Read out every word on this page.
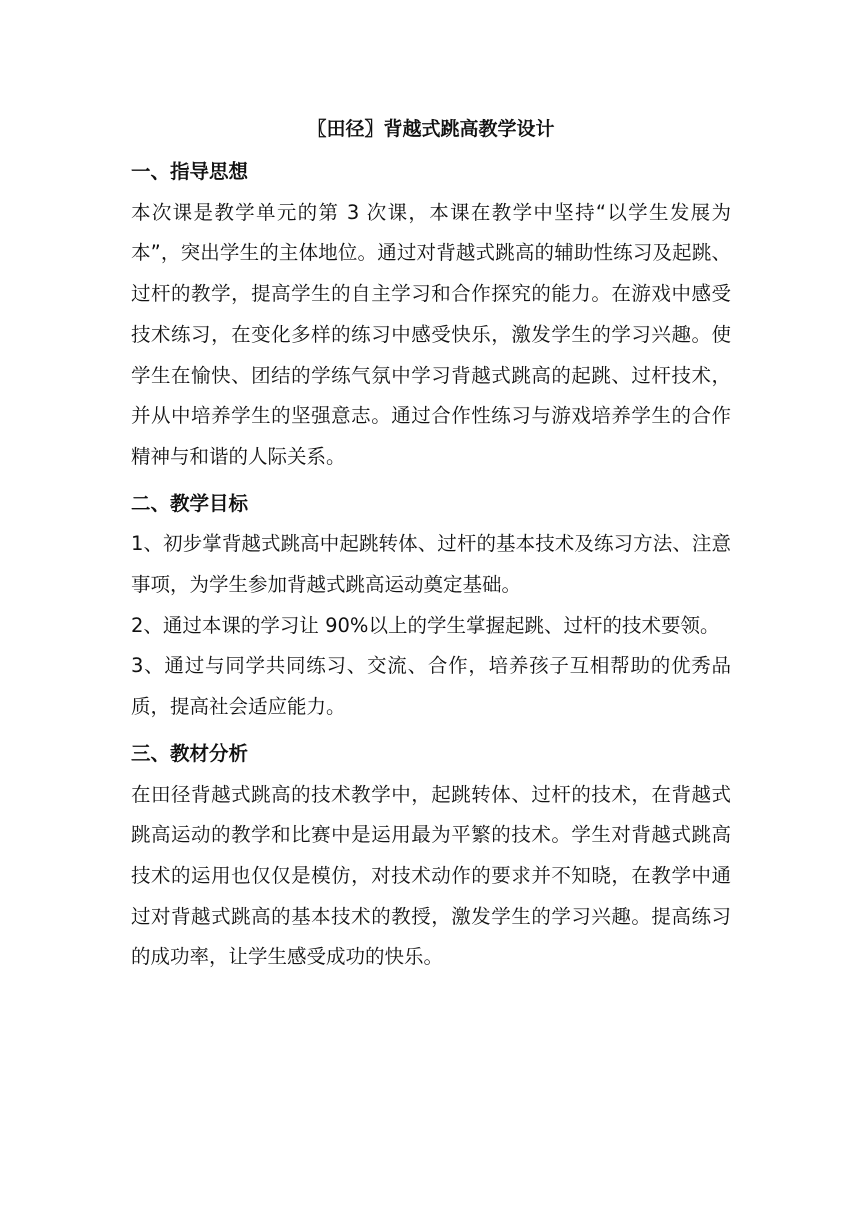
〖田径〗背越式跳高教学设计
一、指导思想

本次课是教学单元的第 3 次课，本课在教学中坚持“以学生发展为本”，突出学生的主体地位。通过对背越式跳高的辅助性练习及起跳、过杆的教学，提高学生的自主学习和合作探究的能力。在游戏中感受技术练习，在变化多样的练习中感受快乐，激发学生的学习兴趣。使学生在愉快、团结的学练气氛中学习背越式跳高的起跳、过杆技术，并从中培养学生的坚强意志。通过合作性练习与游戏培养学生的合作精神与和谐的人际关系。

二、教学目标

1、初步掌背越式跳高中起跳转体、过杆的基本技术及练习方法、注意事项，为学生参加背越式跳高运动奠定基础。

2、通过本课的学习让 90%以上的学生掌握起跳、过杆的技术要领。

3、通过与同学共同练习、交流、合作，培养孩子互相帮助的优秀品质，提高社会适应能力。

三、教材分析

在田径背越式跳高的技术教学中，起跳转体、过杆的技术，在背越式跳高运动的教学和比赛中是运用最为平繁的技术。学生对背越式跳高技术的运用也仅仅是模仿，对技术动作的要求并不知晓，在教学中通过对背越式跳高的基本技术的教授，激发学生的学习兴趣。提高练习的成功率，让学生感受成功的快乐。
